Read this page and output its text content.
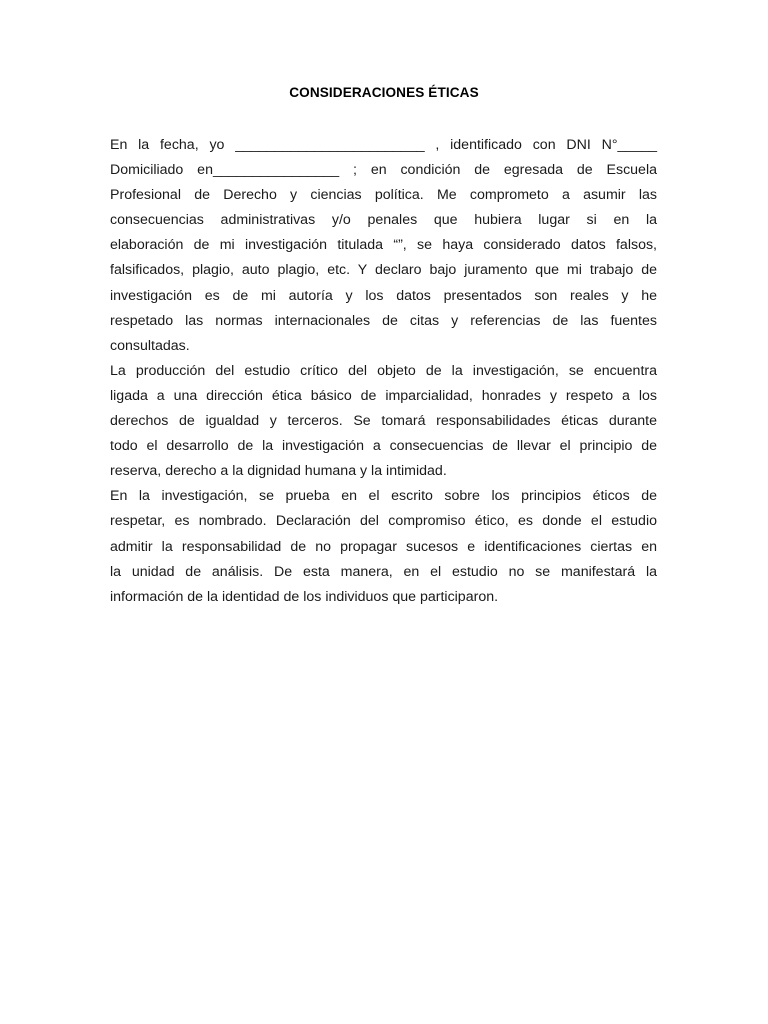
CONSIDERACIONES ÉTICAS

En la fecha, yo ________________________ , identificado con DNI N°_____
Domiciliado en________________ ; en condición de egresada de Escuela
Profesional de Derecho y ciencias política. Me comprometo a asumir las
consecuencias administrativas y/o penales que hubiera lugar si en la
elaboración de mi investigación titulada “”, se haya considerado datos falsos,
falsificados, plagio, auto plagio, etc. Y declaro bajo juramento que mi trabajo de
investigación es de mi autoría y los datos presentados son reales y he
respetado las normas internacionales de citas y referencias de las fuentes
consultadas.

La producción del estudio crítico del objeto de la investigación, se encuentra
ligada a una dirección ética básico de imparcialidad, honrades y respeto a los
derechos de igualdad y terceros. Se tomará responsabilidades éticas durante
todo el desarrollo de la investigación a consecuencias de llevar el principio de
reserva, derecho a la dignidad humana y la intimidad.

En la investigación, se prueba en el escrito sobre los principios éticos de
respetar, es nombrado. Declaración del compromiso ético, es donde el estudio
admitir la responsabilidad de no propagar sucesos e identificaciones ciertas en
la unidad de análisis. De esta manera, en el estudio no se manifestará la
información de la identidad de los individuos que participaron.
